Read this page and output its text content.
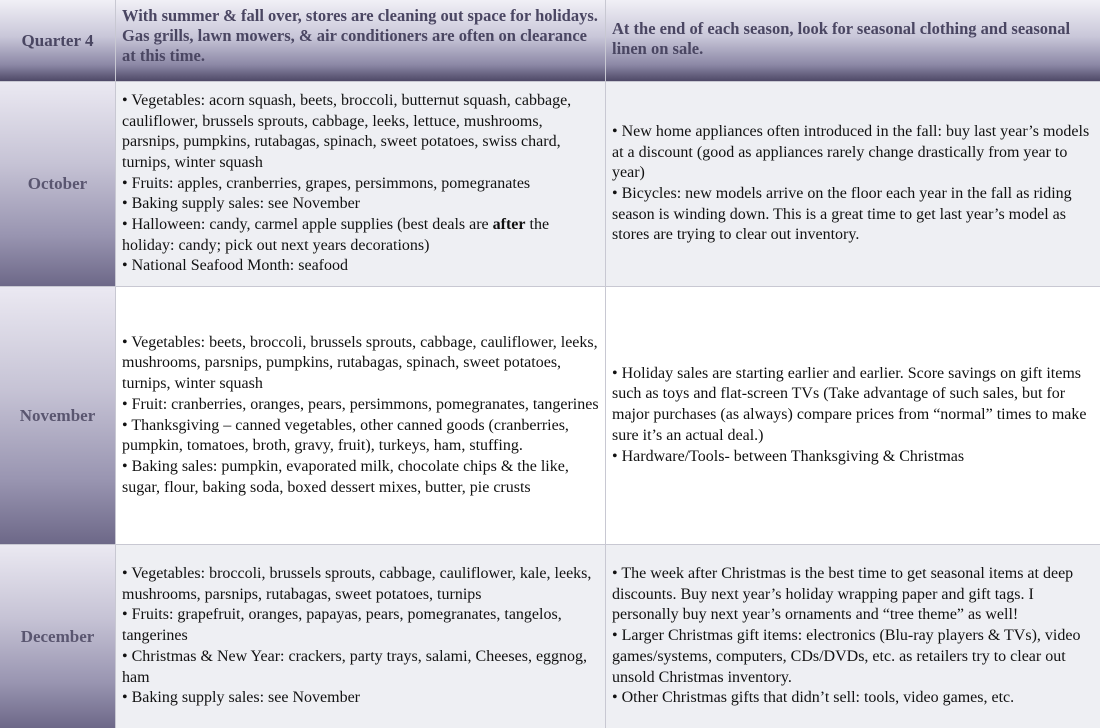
Quarter 4
With summer & fall over, stores are cleaning out space for holidays. Gas grills, lawn mowers, & air conditioners are often on clearance at this time.
At the end of each season, look for seasonal clothing and seasonal linen on sale.
October
• Vegetables: acorn squash, beets, broccoli, butternut squash, cabbage, cauliflower, brussels sprouts, cabbage, leeks, lettuce, mushrooms, parsnips, pumpkins, rutabagas, spinach, sweet potatoes, swiss chard, turnips, winter squash
• Fruits: apples, cranberries, grapes, persimmons, pomegranates
• Baking supply sales: see November
• Halloween: candy, carmel apple supplies (best deals are after the holiday: candy; pick out next years decorations)
• National Seafood Month: seafood
• New home appliances often introduced in the fall: buy last year’s models at a discount (good as appliances rarely change drastically from year to year)
• Bicycles: new models arrive on the floor each year in the fall as riding season is winding down. This is a great time to get last year’s model as stores are trying to clear out inventory.
November
• Vegetables: beets, broccoli, brussels sprouts, cabbage, cauliflower, leeks, mushrooms, parsnips, pumpkins, rutabagas, spinach, sweet potatoes, turnips, winter squash
• Fruit: cranberries, oranges, pears, persimmons, pomegranates, tangerines
• Thanksgiving – canned vegetables, other canned goods (cranberries, pumpkin, tomatoes, broth, gravy, fruit), turkeys, ham, stuffing.
• Baking sales: pumpkin, evaporated milk, chocolate chips & the like, sugar, flour, baking soda, boxed dessert mixes, butter, pie crusts
• Holiday sales are starting earlier and earlier. Score savings on gift items such as toys and flat-screen TVs (Take advantage of such sales, but for major purchases (as always) compare prices from “normal” times to make sure it’s an actual deal.)
• Hardware/Tools- between Thanksgiving & Christmas
December
• Vegetables: broccoli, brussels sprouts, cabbage, cauliflower, kale, leeks, mushrooms, parsnips, rutabagas, sweet potatoes, turnips
• Fruits: grapefruit, oranges, papayas, pears, pomegranates, tangelos, tangerines
• Christmas & New Year: crackers, party trays, salami, Cheeses, eggnog, ham
• Baking supply sales: see November
• The week after Christmas is the best time to get seasonal items at deep discounts. Buy next year’s holiday wrapping paper and gift tags. I personally buy next year’s ornaments and “tree theme” as well!
• Larger Christmas gift items: electronics (Blu-ray players & TVs), video games/systems, computers, CDs/DVDs, etc. as retailers try to clear out unsold Christmas inventory.
• Other Christmas gifts that didn’t sell: tools, video games, etc.
